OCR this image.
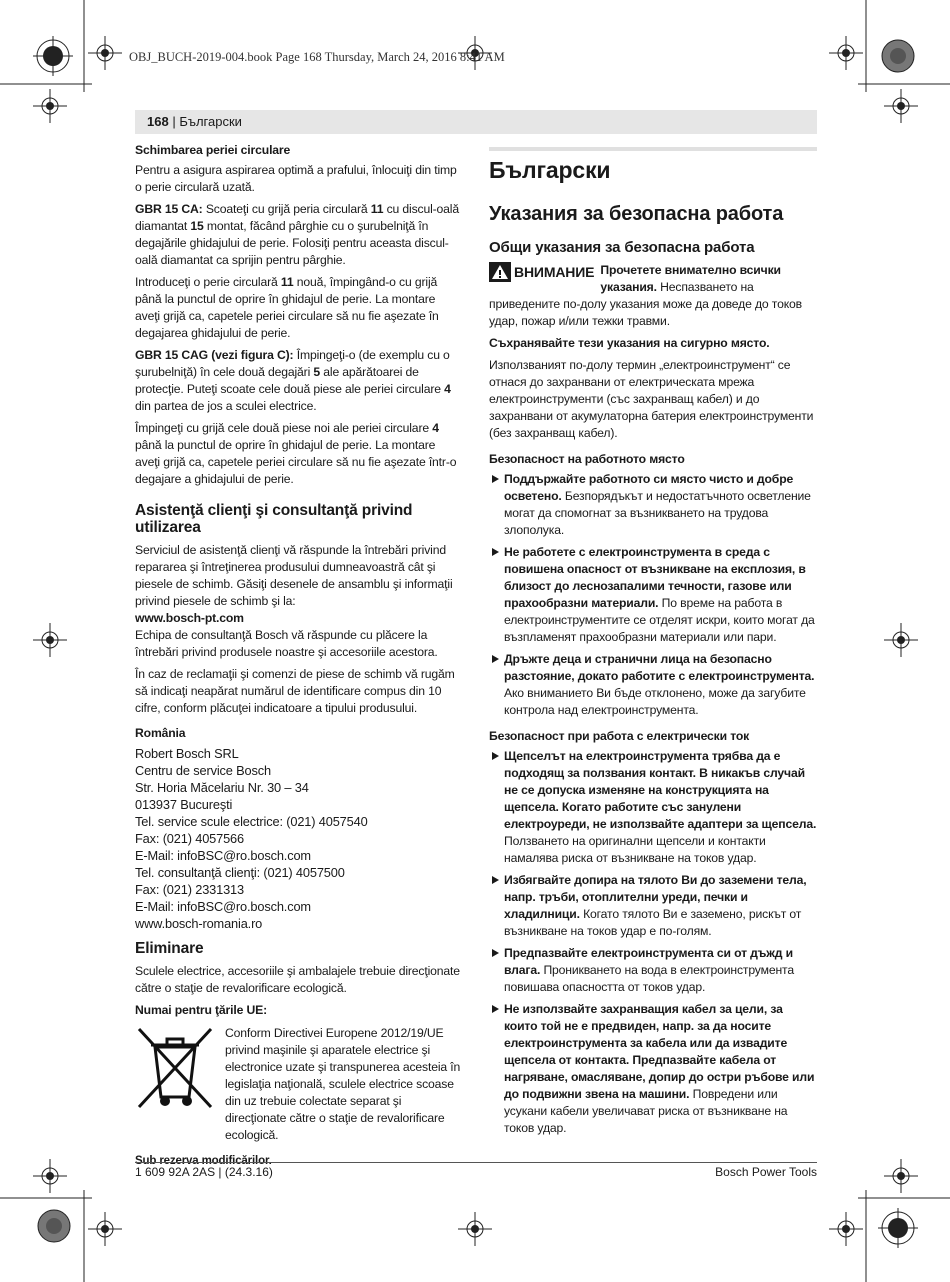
OBJ_BUCH-2019-004.book Page 168 Thursday, March 24, 2016 8:41 AM
168 | Български
Schimbarea periei circulare

Pentru a asigura aspirarea optimă a prafului, înlocuiţi din timp o perie circulară uzată.

GBR 15 CA: Scoateţi cu grijă peria circulară 11 cu discul-oală diamantat 15 montat, făcând pârghie cu o şurubelniţă în degajările ghidajului de perie. Folosiţi pentru aceasta discul-oală diamantat ca sprijin pentru pârghie.

Introduceţi o perie circulară 11 nouă, împingând-o cu grijă până la punctul de oprire în ghidajul de perie. La montare aveţi grijă ca, capetele periei circulare să nu fie aşezate în degajarea ghidajului de perie.

GBR 15 CAG (vezi figura C): Împingeţi-o (de exemplu cu o şurubelniţă) în cele două degajări 5 ale apărătoarei de protecţie. Puteţi scoate cele două piese ale periei circulare 4 din partea de jos a sculei electrice.

Împingeţi cu grijă cele două piese noi ale periei circulare 4 până la punctul de oprire în ghidajul de perie. La montare aveţi grijă ca, capetele periei circulare să nu fie aşezate într-o degajare a ghidajului de perie.

Asistenţă clienţi şi consultanţă privind utilizarea

Serviciul de asistenţă clienţi vă răspunde la întrebări privind repararea şi întreţinerea produsului dumneavoastră cât şi piesele de schimb. Găsiţi desenele de ansamblu şi informaţii privind piesele de schimb şi la:

www.bosch-pt.com

Echipa de consultanţă Bosch vă răspunde cu plăcere la întrebări privind produsele noastre şi accesoriile acestora.

În caz de reclamaţii şi comenzi de piese de schimb vă rugăm să indicaţi neapărat numărul de identificare compus din 10 cifre, conform plăcuţei indicatoare a tipului produsului.

România

Robert Bosch SRL

Centru de service Bosch

Str. Horia Măcelariu Nr. 30 – 34

013937 Bucureşti

Tel. service scule electrice: (021) 4057540

Fax: (021) 4057566

E-Mail: infoBSC@ro.bosch.com

Tel. consultanţă clienţi: (021) 4057500

Fax: (021) 2331313

E-Mail: infoBSC@ro.bosch.com

www.bosch-romania.ro

Eliminare

Sculele electrice, accesoriile şi ambalajele trebuie direcţionate către o staţie de revalorificare ecologică.

Numai pentru ţările UE:

Conform Directivei Europene 2012/19/UE privind maşinile şi aparatele electrice şi electronice uzate şi transpunerea acesteia în legislaţia naţională, sculele electrice scoase din uz trebuie colectate separat şi direcţionate către o staţie de revalorificare ecologică.

Sub rezerva modificărilor.

Български
Указания за безопасна работа
Общи указания за безопасна работа

ВНИМАНИЕ Прочетете внимателно всички указания. Неспазването на приведените по-долу указания може да доведе до токов удар, пожар и/или тежки травми.

Съхранявайте тези указания на сигурно място.

Използваният по-долу термин „електроинструмент“ се отнася до захранвани от електрическата мрежа електроинструменти (със захранващ кабел) и до захранвани от акумулаторна батерия електроинструменти (без захранващ кабел).

Безопасност на работното място
Поддържайте работното си място чисто и добре осветено. Безпорядъкът и недостатъчното осветление могат да спомогнат за възникването на трудова злополука.
Не работете с електроинструмента в среда с повишена опасност от възникване на експлозия, в близост до леснозапалими течности, газове или прахообразни материали. По време на работа в електроинструментите се отделят искри, които могат да възпламенят прахообразни материали или пари.
Дръжте деца и странични лица на безопасно разстояние, докато работите с електроинструмента. Ако вниманието Ви бъде отклонено, може да загубите контрола над електроинструмента.
Безопасност при работа с електрически ток
Щепселът на електроинструмента трябва да е подходящ за ползвания контакт. В никакъв случай не се допуска изменяне на конструкцията на щепсела. Когато работите със занулени електроуреди, не използвайте адаптери за щепсела. Ползването на оригинални щепсели и контакти намалява риска от възникване на токов удар.
Избягвайте допира на тялото Ви до заземени тела, напр. тръби, отоплителни уреди, печки и хладилници. Когато тялото Ви е заземено, рискът от възникване на токов удар е по-голям.
Предпазвайте електроинструмента си от дъжд и влага. Проникването на вода в електроинструмента повишава опасността от токов удар.
Не използвайте захранващия кабел за цели, за които той не е предвиден, напр. за да носите електроинструмента за кабела или да извадите щепсела от контакта. Предпазвайте кабела от нагряване, омасляване, допир до остри ръбове или до подвижни звена на машини. Повредени или усукани кабели увеличават риска от възникване на токов удар.
1 609 92A 2AS | (24.3.16)	Bosch Power Tools
